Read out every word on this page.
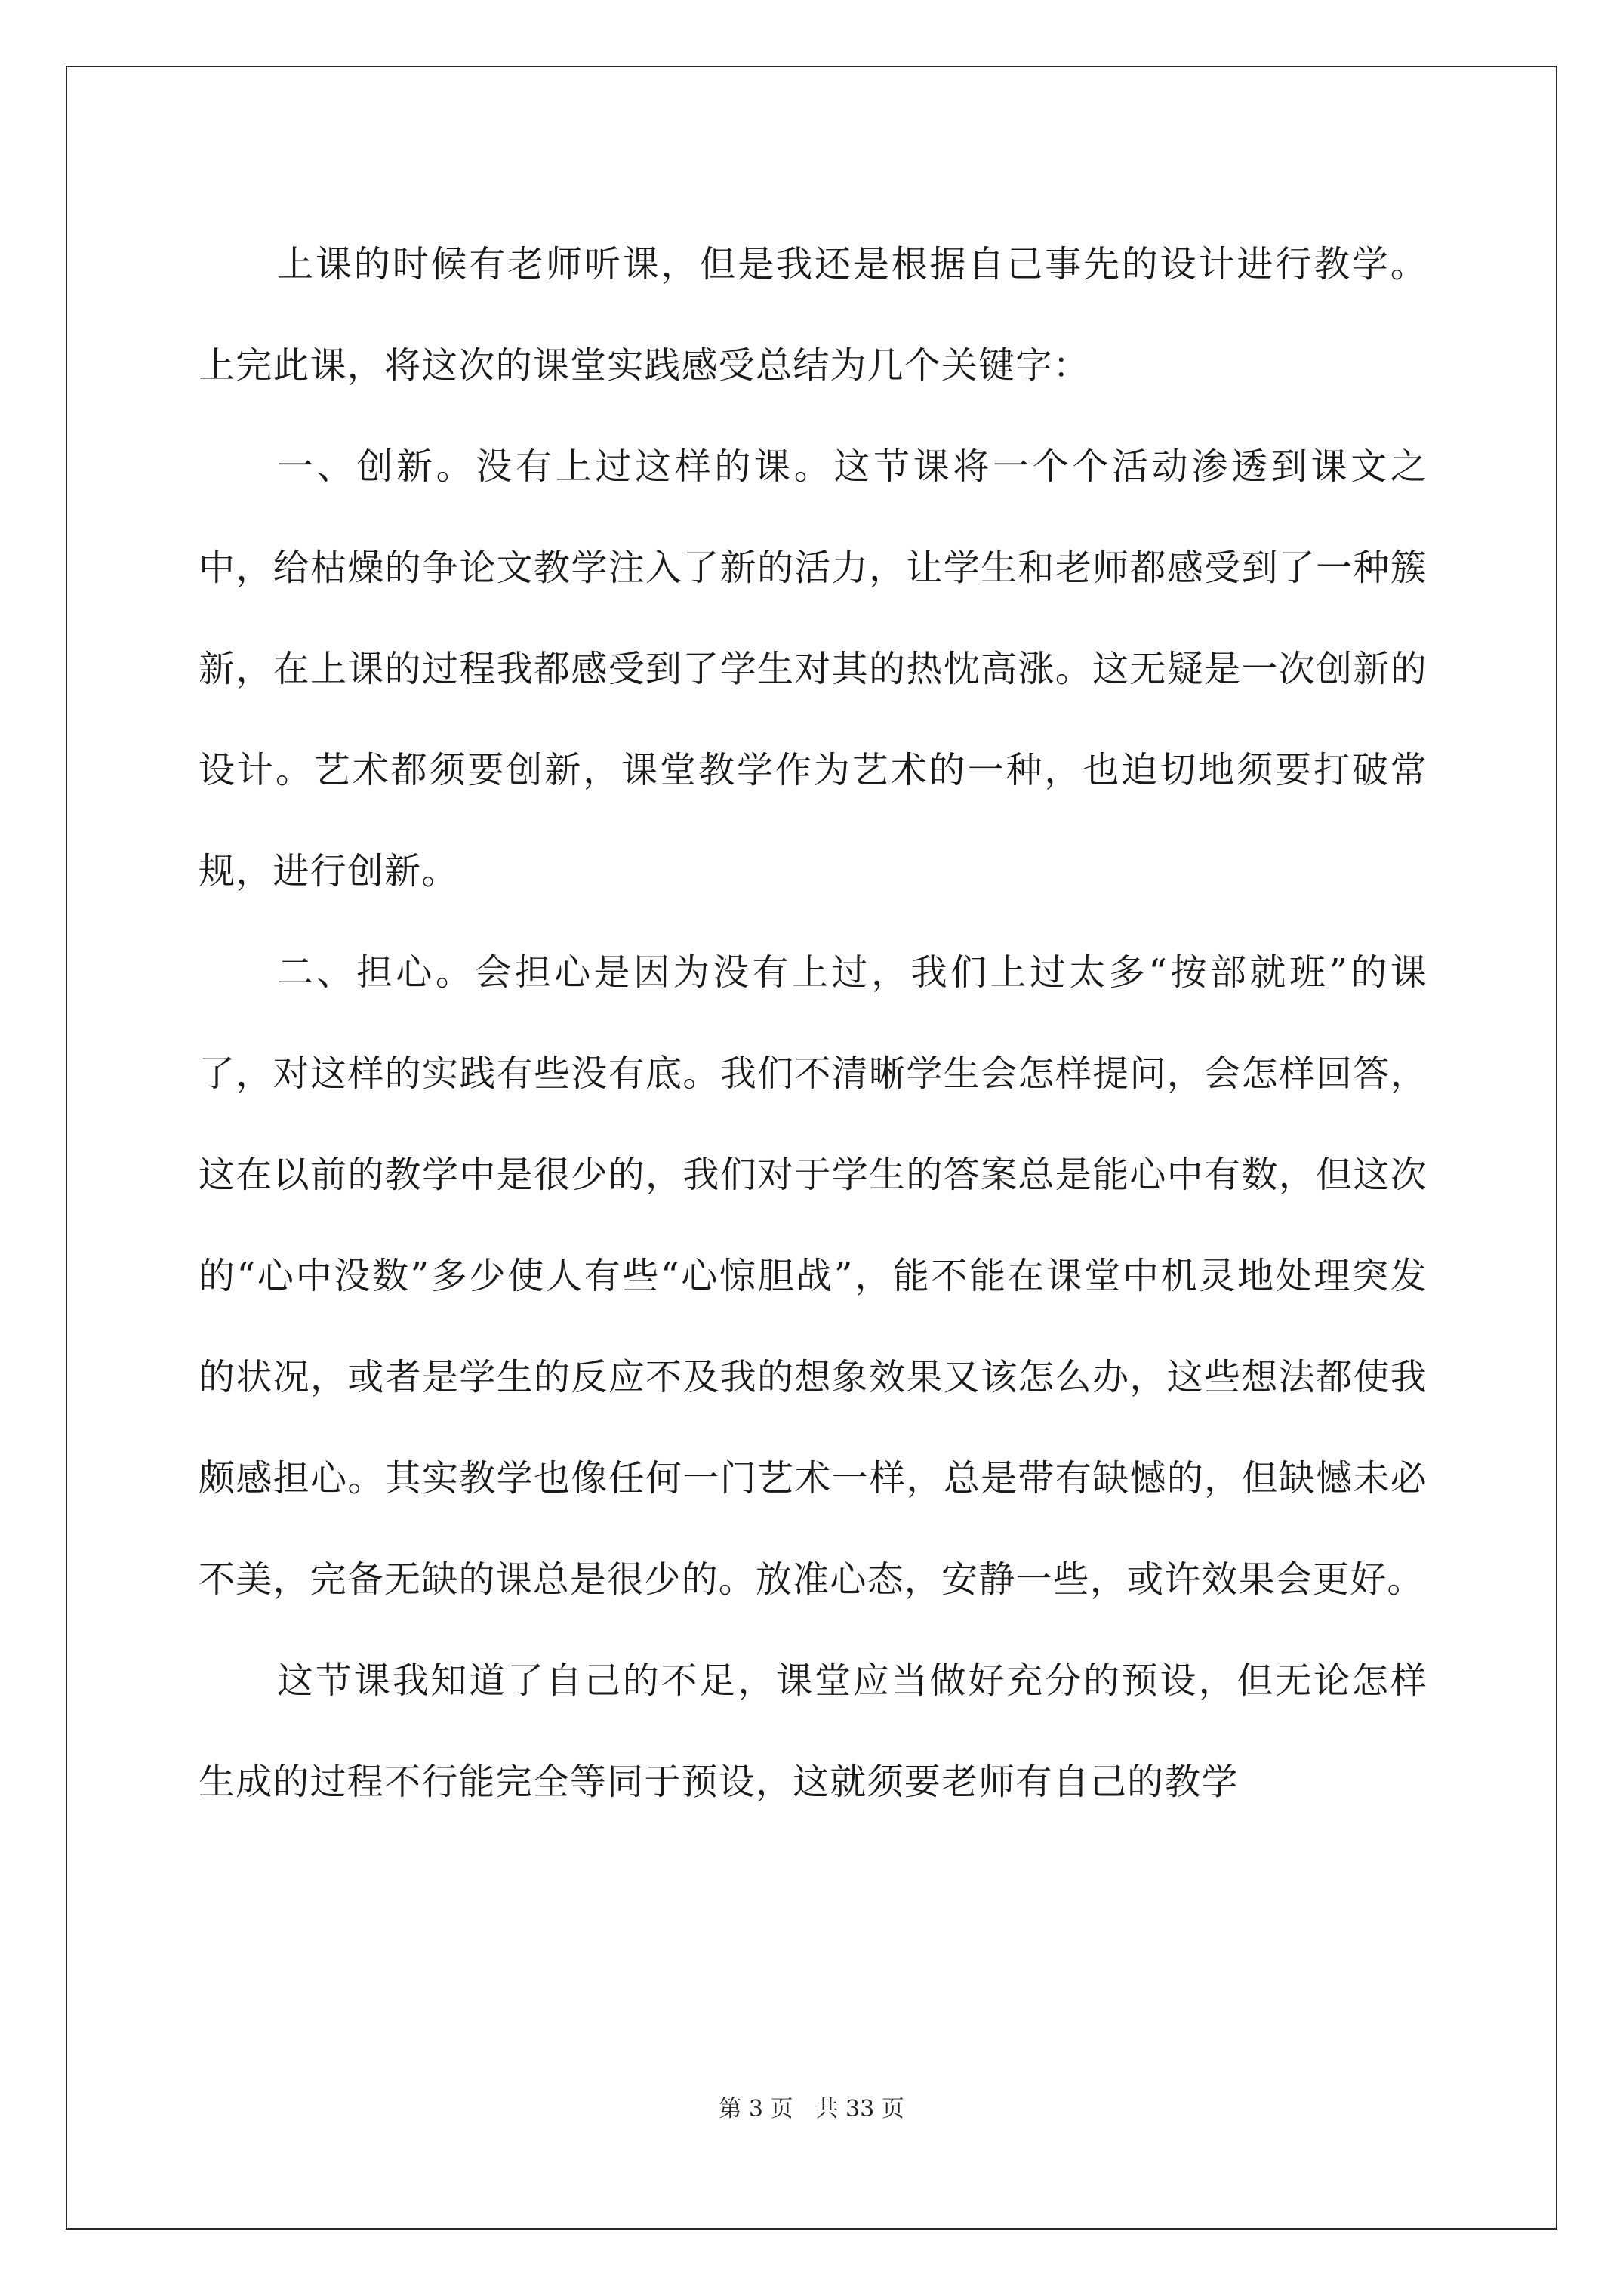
上课的时候有老师听课，但是我还是根据自己事先的设计进行教学。上完此课，将这次的课堂实践感受总结为几个关键字：

一、创新。没有上过这样的课。这节课将一个个活动渗透到课文之中，给枯燥的争论文教学注入了新的活力，让学生和老师都感受到了一种簇新，在上课的过程我都感受到了学生对其的热忱高涨。这无疑是一次创新的设计。艺术都须要创新，课堂教学作为艺术的一种，也迫切地须要打破常规，进行创新。

二、担心。会担心是因为没有上过，我们上过太多“按部就班”的课了，对这样的实践有些没有底。我们不清晰学生会怎样提问，会怎样回答，这在以前的教学中是很少的，我们对于学生的答案总是能心中有数，但这次的“心中没数”多少使人有些“心惊胆战”，能不能在课堂中机灵地处理突发的状况，或者是学生的反应不及我的想象效果又该怎么办，这些想法都使我颇感担心。其实教学也像任何一门艺术一样，总是带有缺憾的，但缺憾未必不美，完备无缺的课总是很少的。放准心态，安静一些，或许效果会更好。

这节课我知道了自己的不足，课堂应当做好充分的预设，但无论怎样生成的过程不行能完全等同于预设，这就须要老师有自己的教学

第 3 页　共 33 页
